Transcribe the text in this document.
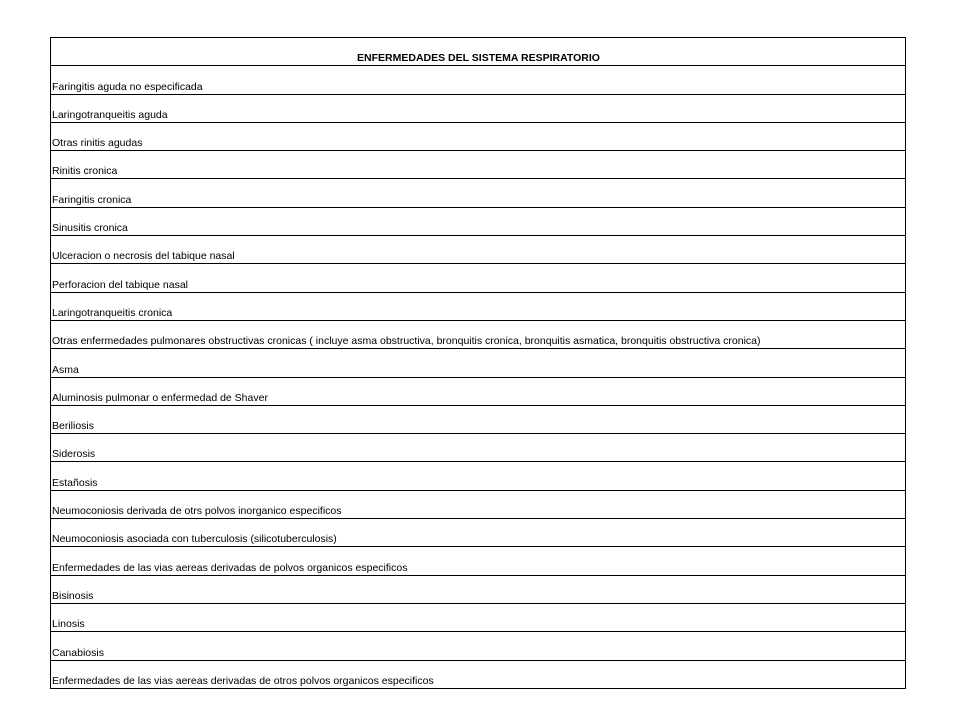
ENFERMEDADES DEL SISTEMA RESPIRATORIO
Faringitis aguda no especificada
Laringotranqueitis aguda
Otras rinitis agudas
Rinitis cronica
Faringitis cronica
Sinusitis cronica
Ulceracion o necrosis del tabique nasal
Perforacion del tabique nasal
Laringotranqueitis cronica
Otras enfermedades pulmonares obstructivas cronicas ( incluye asma obstructiva, bronquitis cronica, bronquitis asmatica, bronquitis obstructiva cronica)
Asma
Aluminosis pulmonar o enfermedad de Shaver
Beriliosis
Siderosis
Estañosis
Neumoconiosis derivada de otrs polvos inorganico especificos
Neumoconiosis asociada con tuberculosis (silicotuberculosis)
Enfermedades de las vias aereas derivadas de polvos organicos especificos
Bisinosis
Linosis
Canabiosis
Enfermedades de las vias aereas derivadas de otros polvos organicos especificos
